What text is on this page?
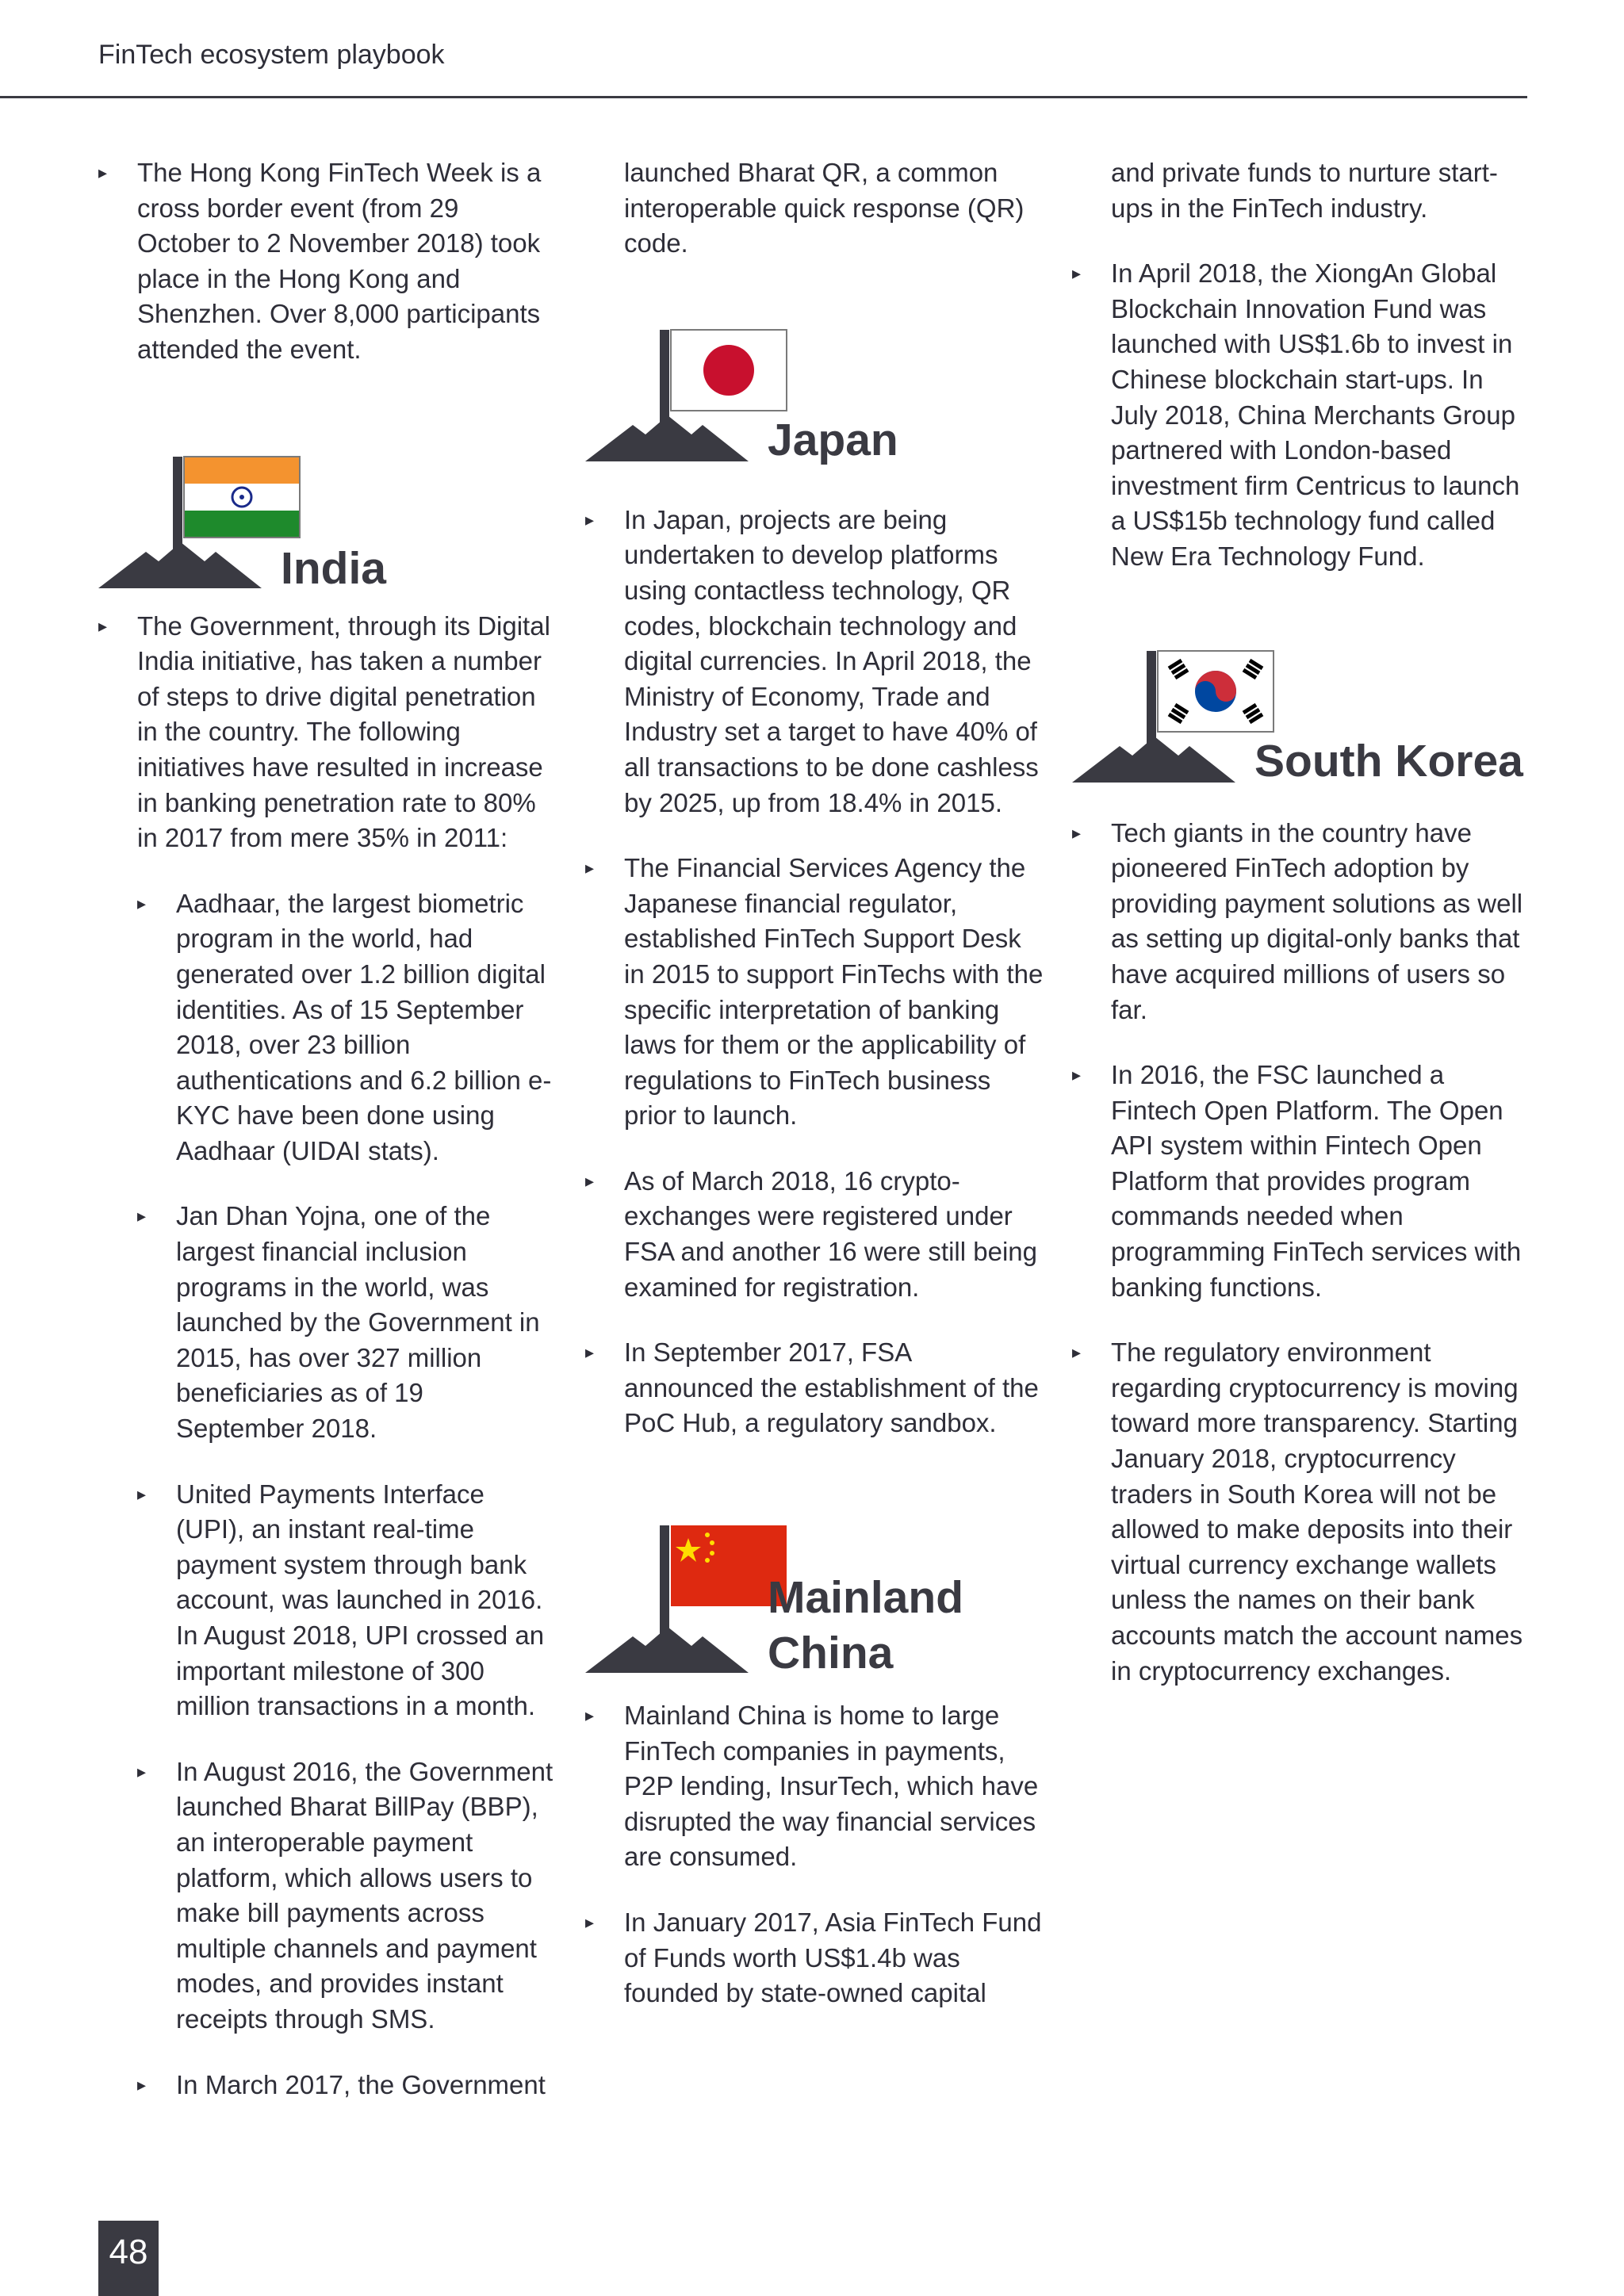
FinTech ecosystem playbook

▸ The Hong Kong FinTech Week is a cross border event (from 29 October to 2 November 2018) took place in the Hong Kong and Shenzhen. Over 8,000 participants attended the event.

India

▸ The Government, through its Digital India initiative, has taken a number of steps to drive digital penetration in the country. The following initiatives have resulted in increase in banking penetration rate to 80% in 2017 from mere 35% in 2011:

▸ Aadhaar, the largest biometric program in the world, had generated over 1.2 billion digital identities. As of 15 September 2018, over 23 billion authentications and 6.2 billion e-KYC have been done using Aadhaar (UIDAI stats).

▸ Jan Dhan Yojna, one of the largest financial inclusion programs in the world, was launched by the Government in 2015, has over 327 million beneficiaries as of 19 September 2018.

▸ United Payments Interface (UPI), an instant real-time payment system through bank account, was launched in 2016. In August 2018, UPI crossed an important milestone of 300 million transactions in a month.

▸ In August 2016, the Government launched Bharat BillPay (BBP), an interoperable payment platform, which allows users to make bill payments across multiple channels and payment modes, and provides instant receipts through SMS.

▸ In March 2017, the Government

launched Bharat QR, a common interoperable quick response (QR) code.

Japan

▸ In Japan, projects are being undertaken to develop platforms using contactless technology, QR codes, blockchain technology and digital currencies. In April 2018, the Ministry of Economy, Trade and Industry set a target to have 40% of all transactions to be done cashless by 2025, up from 18.4% in 2015.

▸ The Financial Services Agency the Japanese financial regulator, established FinTech Support Desk in 2015 to support FinTechs with the specific interpretation of banking laws for them or the applicability of regulations to FinTech business prior to launch.

▸ As of March 2018, 16 crypto-exchanges were registered under FSA and another 16 were still being examined for registration.

▸ In September 2017, FSA announced the establishment of the PoC Hub, a regulatory sandbox.

Mainland
China

▸ Mainland China is home to large FinTech companies in payments, P2P lending, InsurTech, which have disrupted the way financial services are consumed.

▸ In January 2017, Asia FinTech Fund of Funds worth US$1.4b was founded by state-owned capital

and private funds to nurture start-ups in the FinTech industry.

▸ In April 2018, the XiongAn Global Blockchain Innovation Fund was launched with US$1.6b to invest in Chinese blockchain start-ups. In July 2018, China Merchants Group partnered with London-based investment firm Centricus to launch a US$15b technology fund called New Era Technology Fund.

South Korea

▸ Tech giants in the country have pioneered FinTech adoption by providing payment solutions as well as setting up digital-only banks that have acquired millions of users so far.

▸ In 2016, the FSC launched a Fintech Open Platform. The Open API system within Fintech Open Platform that provides program commands needed when programming FinTech services with banking functions.

▸ The regulatory environment regarding cryptocurrency is moving toward more transparency. Starting January 2018, cryptocurrency traders in South Korea will not be allowed to make deposits into their virtual currency exchange wallets unless the names on their bank accounts match the account names in cryptocurrency exchanges.

48
